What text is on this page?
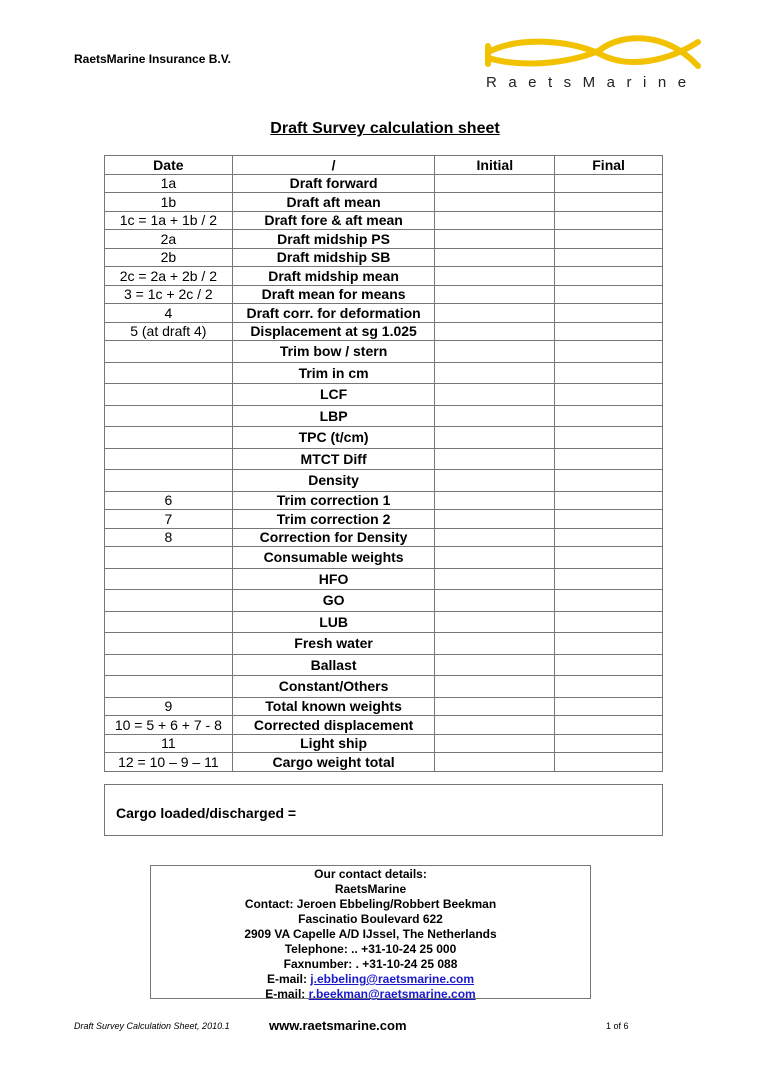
RaetsMarine Insurance B.V.
RaetsMarine
Draft Survey calculation sheet
Date	/	Initial	Final
1a	Draft forward		
1b	Draft aft mean		
1c = 1a + 1b / 2	Draft fore & aft mean		
2a	Draft midship PS		
2b	Draft midship SB		
2c = 2a + 2b / 2	Draft midship mean		
3 = 1c + 2c / 2	Draft mean for means		
4	Draft corr. for deformation		
5 (at draft 4)	Displacement at sg 1.025		
	Trim bow / stern		
	Trim in cm		
	LCF		
	LBP		
	TPC (t/cm)		
	MTCT Diff		
	Density		
6	Trim correction 1		
7	Trim correction 2		
8	Correction for Density		
	Consumable weights		
	HFO		
	GO		
	LUB		
	Fresh water		
	Ballast		
	Constant/Others		
9	Total known weights		
10 = 5 + 6 + 7 - 8	Corrected displacement		
11	Light ship		
12 = 10 – 9 – 11	Cargo weight total		
Cargo loaded/discharged =
Our contact details:
RaetsMarine
Contact: Jeroen Ebbeling/Robbert Beekman
Fascinatio Boulevard 622
2909 VA Capelle A/D IJssel, The Netherlands
Telephone: .. +31-10-24 25 000
Faxnumber: . +31-10-24 25 088
E-mail: j.ebbeling@raetsmarine.com
E-mail: r.beekman@raetsmarine.com
Draft Survey Calculation Sheet, 2010.1	www.raetsmarine.com	1 of 6
